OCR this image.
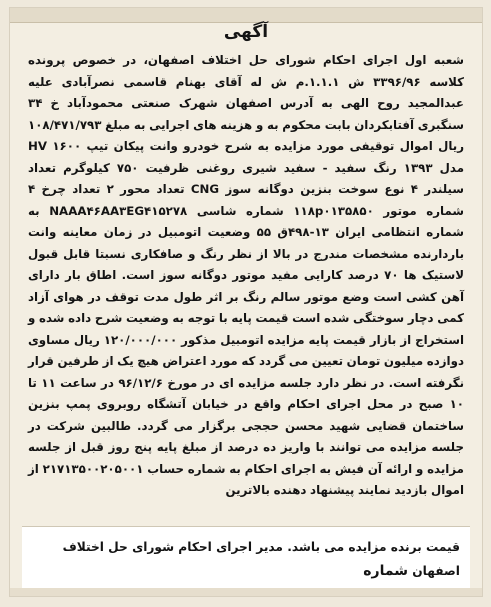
آگهی
شعبه اول اجرای احکام شورای حل اختلاف اصفهان، در خصوص پرونده کلاسه ۳۳۹۶/۹۶ ش ۱.۱.۱.م ش له آقای بهنام قاسمی نصرآبادی علیه عبدالمجید روح الهی به آدرس اصفهان شهرک صنعتی محمودآباد خ ۳۴ سنگبری آفتابکردان بابت محکوم به و هزینه های اجرایی به مبلغ ۱۰۸/۴۷۱/۷۹۳ ریال اموال توقیفی مورد مزایده به شرح خودرو وانت پیکان تیپ HV ۱۶۰۰ مدل ۱۳۹۳ رنگ سفید - سفید شیری روغنی ظرفیت ۷۵۰ کیلوگرم تعداد سیلندر ۴ نوع سوخت بنزین دوگانه سوز CNG تعداد محور ۲ تعداد چرخ ۴ شماره موتور ۱۱۸p۰۱۳۵۸۵۰ شماره شاسی NAAA۴۶AA۳EG۴۱۵۲۷۸ به شماره انتظامی ایران ۱۳-۴۹۸ق ۵۵ وضعیت اتومبیل در زمان معاینه وانت باردارنده مشخصات مندرج در بالا از نظر رنگ و صافکاری نسبتا قابل قبول لاستیک ها ۷۰ درصد کارایی مفید موتور دوگانه سوز است. اطاق بار دارای آهن کشی است وضع موتور سالم رنگ بر اثر طول مدت توقف در هوای آزاد کمی دچار سوختگی شده است قیمت پایه با توجه به وضعیت شرح داده شده و استخراج از بازار قیمت پایه مزایده اتومبیل مذکور ۱۲۰/۰۰۰/۰۰۰ ریال مساوی دوازده میلیون تومان تعیین می گردد که مورد اعتراض هیچ یک از طرفین قرار نگرفته است. در نظر دارد جلسه مزایده ای در مورخ ۹۶/۱۲/۶ در ساعت ۱۱ تا ۱۰ صبح در محل اجرای احکام واقع در خیابان آتشگاه روبروی پمپ بنزین ساختمان قضایی شهید محسن حججی برگزار می گردد. طالبین شرکت در جلسه مزایده می توانند با واریز ده درصد از مبلغ پایه پنج روز قبل از جلسه مزایده و ارائه آن فیش به اجرای احکام به شماره حساب ۲۱۷۱۳۵۰۰۲۰۵۰۰۱ از اموال بازدید نمایند پیشنهاد دهنده بالاترین
قیمت برنده مزایده می باشد. مدیر اجرای احکام شورای حل اختلاف اصفهان شماره
